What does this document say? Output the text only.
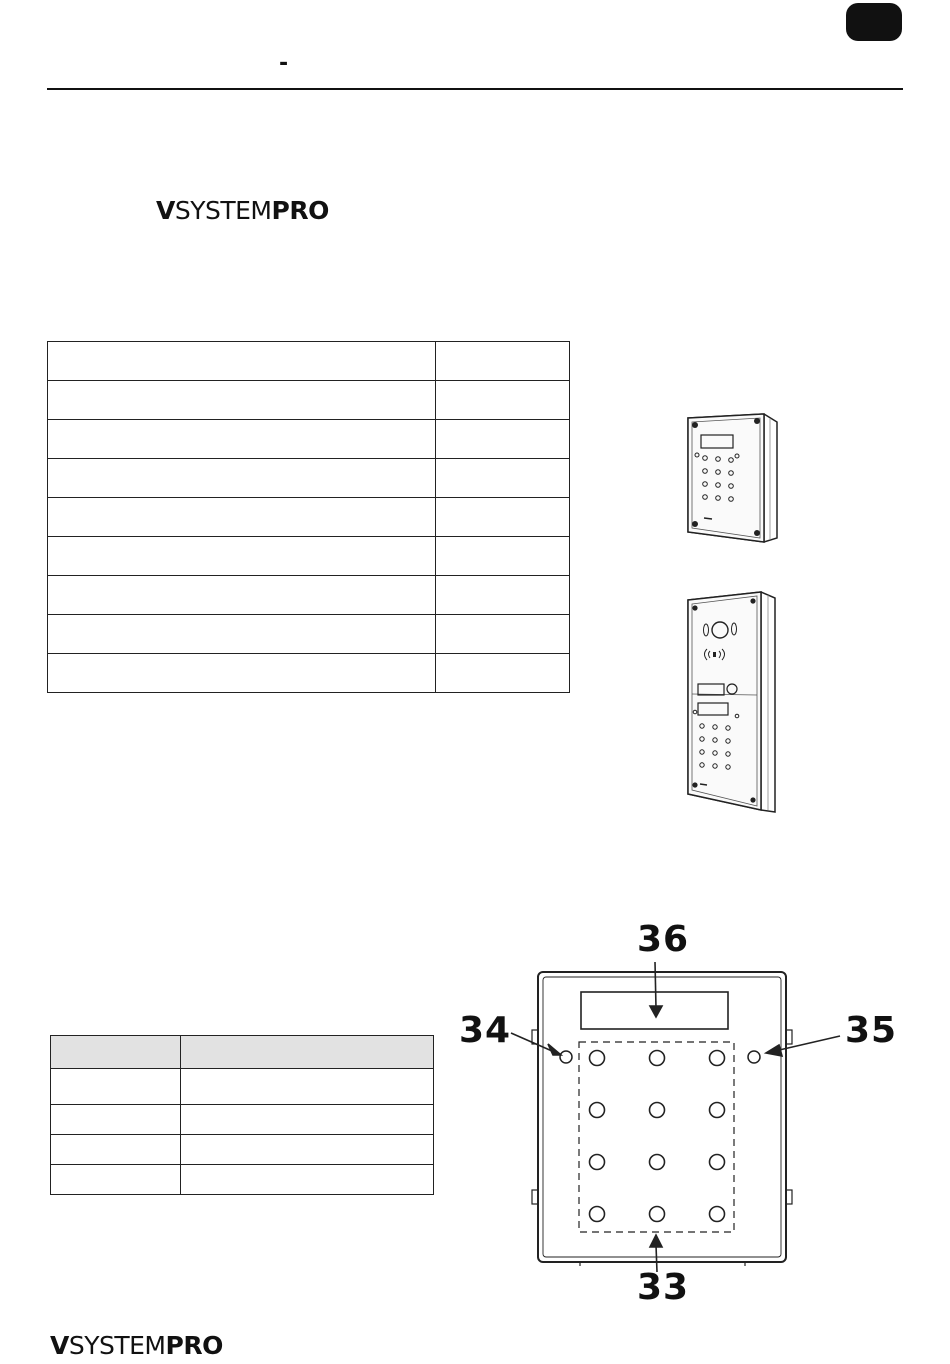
-
VSYSTEMPRO

36
34	35
33
VSYSTEMPRO
